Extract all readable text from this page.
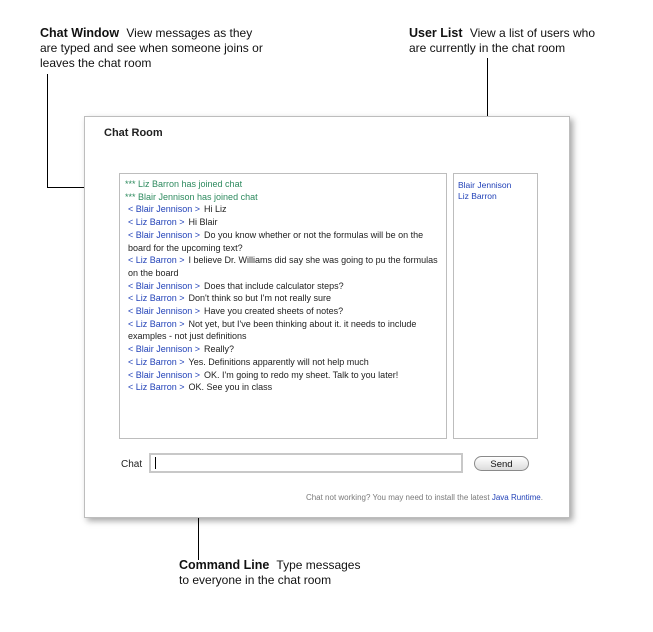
Chat Window View messages as they
are typed and see when someone joins or
leaves the chat room
User List View a list of users who
are currently in the chat room
Command Line Type messages
to everyone in the chat room
Chat Room
*** Liz Barron has joined chat
*** Blair Jennison has joined chat
< Blair Jennison > Hi Liz
< Liz Barron > Hi Blair
< Blair Jennison > Do you know whether or not the formulas will be on the board for the upcoming text?
< Liz Barron > I believe Dr. Williams did say she was going to pu the formulas on the board
< Blair Jennison > Does that include calculator steps?
< Liz Barron > Don't think so but I'm not really sure
< Blair Jennison > Have you created sheets of notes?
< Liz Barron > Not yet, but I've been thinking about it. it needs to include examples - not just definitions
< Blair Jennison > Really?
< Liz Barron > Yes. Definitions apparently will not help much
< Blair Jennison > OK. I'm going to redo my sheet. Talk to you later!
< Liz Barron > OK. See you in class
Blair Jennison
Liz Barron
Chat	Send
Chat not working? You may need to install the latest Java Runtime.
